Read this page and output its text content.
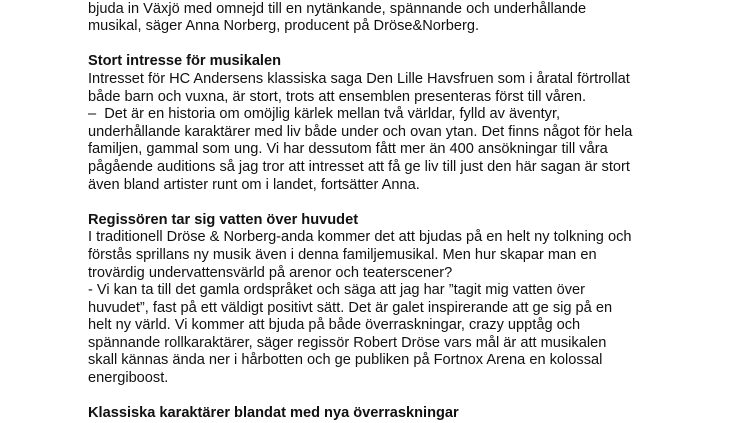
bjuda in Växjö med omnejd till en nytänkande, spännande och underhållande
musikal, säger Anna Norberg, producent på Dröse&Norberg.
Stort intresse för musikalen
Intresset för HC Andersens klassiska saga Den Lille Havsfruen som i åratal förtrollat
både barn och vuxna, är stort, trots att ensemblen presenteras först till våren.
–  Det är en historia om omöjlig kärlek mellan två världar, fylld av äventyr,
underhållande karaktärer med liv både under och ovan ytan. Det finns något för hela
familjen, gammal som ung. Vi har dessutom fått mer än 400 ansökningar till våra
pågående auditions så jag tror att intresset att få ge liv till just den här sagan är stort
även bland artister runt om i landet, fortsätter Anna.
Regissören tar sig vatten över huvudet
I traditionell Dröse & Norberg-anda kommer det att bjudas på en helt ny tolkning och
förstås sprillans ny musik även i denna familjemusikal. Men hur skapar man en
trovärdig undervattensvärld på arenor och teaterscener?
- Vi kan ta till det gamla ordspråket och säga att jag har ”tagit mig vatten över
huvudet”, fast på ett väldigt positivt sätt. Det är galet inspirerande att ge sig på en
helt ny värld. Vi kommer att bjuda på både överraskningar, crazy upptåg och
spännande rollkaraktärer, säger regissör Robert Dröse vars mål är att musikalen
skall kännas ända ner i hårbotten och ge publiken på Fortnox Arena en kolossal
energiboost.
Klassiska karaktärer blandat med nya överraskningar
